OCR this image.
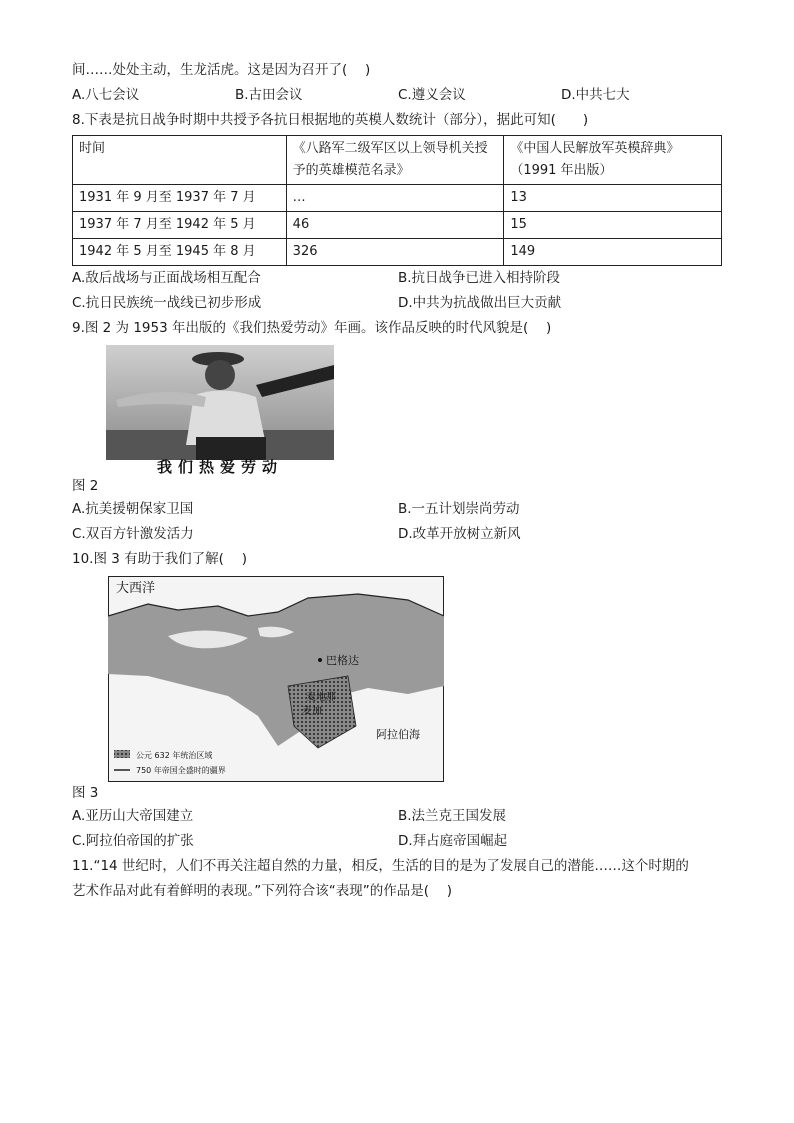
间……处处主动，生龙活虎。这是因为召开了(　 )
A.八七会议	B.古田会议	C.遵义会议	D.中共七大
8.下表是抗日战争时期中共授予各抗日根据地的英模人数统计（部分），据此可知(　　)
时间	《八路军二级军区以上领导机关授予的英雄模范名录》	《中国人民解放军英模辞典》（1991 年出版）
1931 年 9 月至 1937 年 7 月	…	13
1937 年 7 月至 1942 年 5 月	46	15
1942 年 5 月至 1945 年 8 月	326	149
A.敌后战场与正面战场相互配合	B.抗日战争已进入相持阶段
C.抗日民族统一战线已初步形成	D.中共为抗战做出巨大贡献
9.图 2 为 1953 年出版的《我们热爱劳动》年画。该作品反映的时代风貌是(　 )
我们热爱劳动
图 2
A.抗美援朝保家卫国	B.一五计划崇尚劳动
C.双百方针激发活力	D.改革开放树立新风
10.图 3 有助于我们了解(　 )
大西洋
巴格达
麦地那
麦加
阿拉伯海
公元 632 年统治区域
750 年帝国全盛时的疆界
图 3
A.亚历山大帝国建立	B.法兰克王国发展
C.阿拉伯帝国的扩张	D.拜占庭帝国崛起
11.“14 世纪时，人们不再关注超自然的力量，相反，生活的目的是为了发展自己的潜能……这个时期的
艺术作品对此有着鲜明的表现。”下列符合该“表现”的作品是(　 )
